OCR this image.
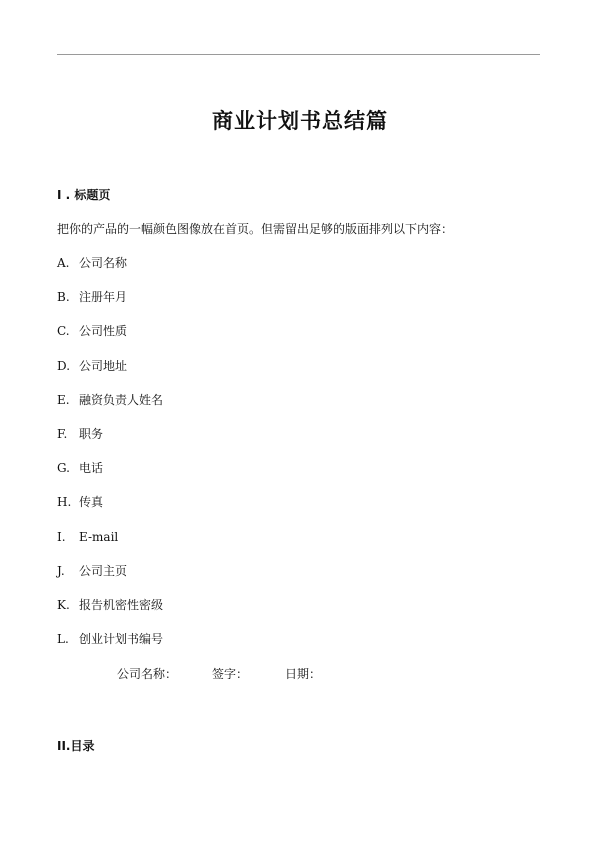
商业计划书总结篇
I . 标题页
把你的产品的一幅颜色图像放在首页。但需留出足够的版面排列以下内容：
A. 公司名称
B. 注册年月
C. 公司性质
D. 公司地址
E. 融资负责人姓名
F. 职务
G. 电话
H. 传真
I. E-mail
J. 公司主页
K. 报告机密性密级
L. 创业计划书编号
公司名称：	签字：	日期：
II.目录
